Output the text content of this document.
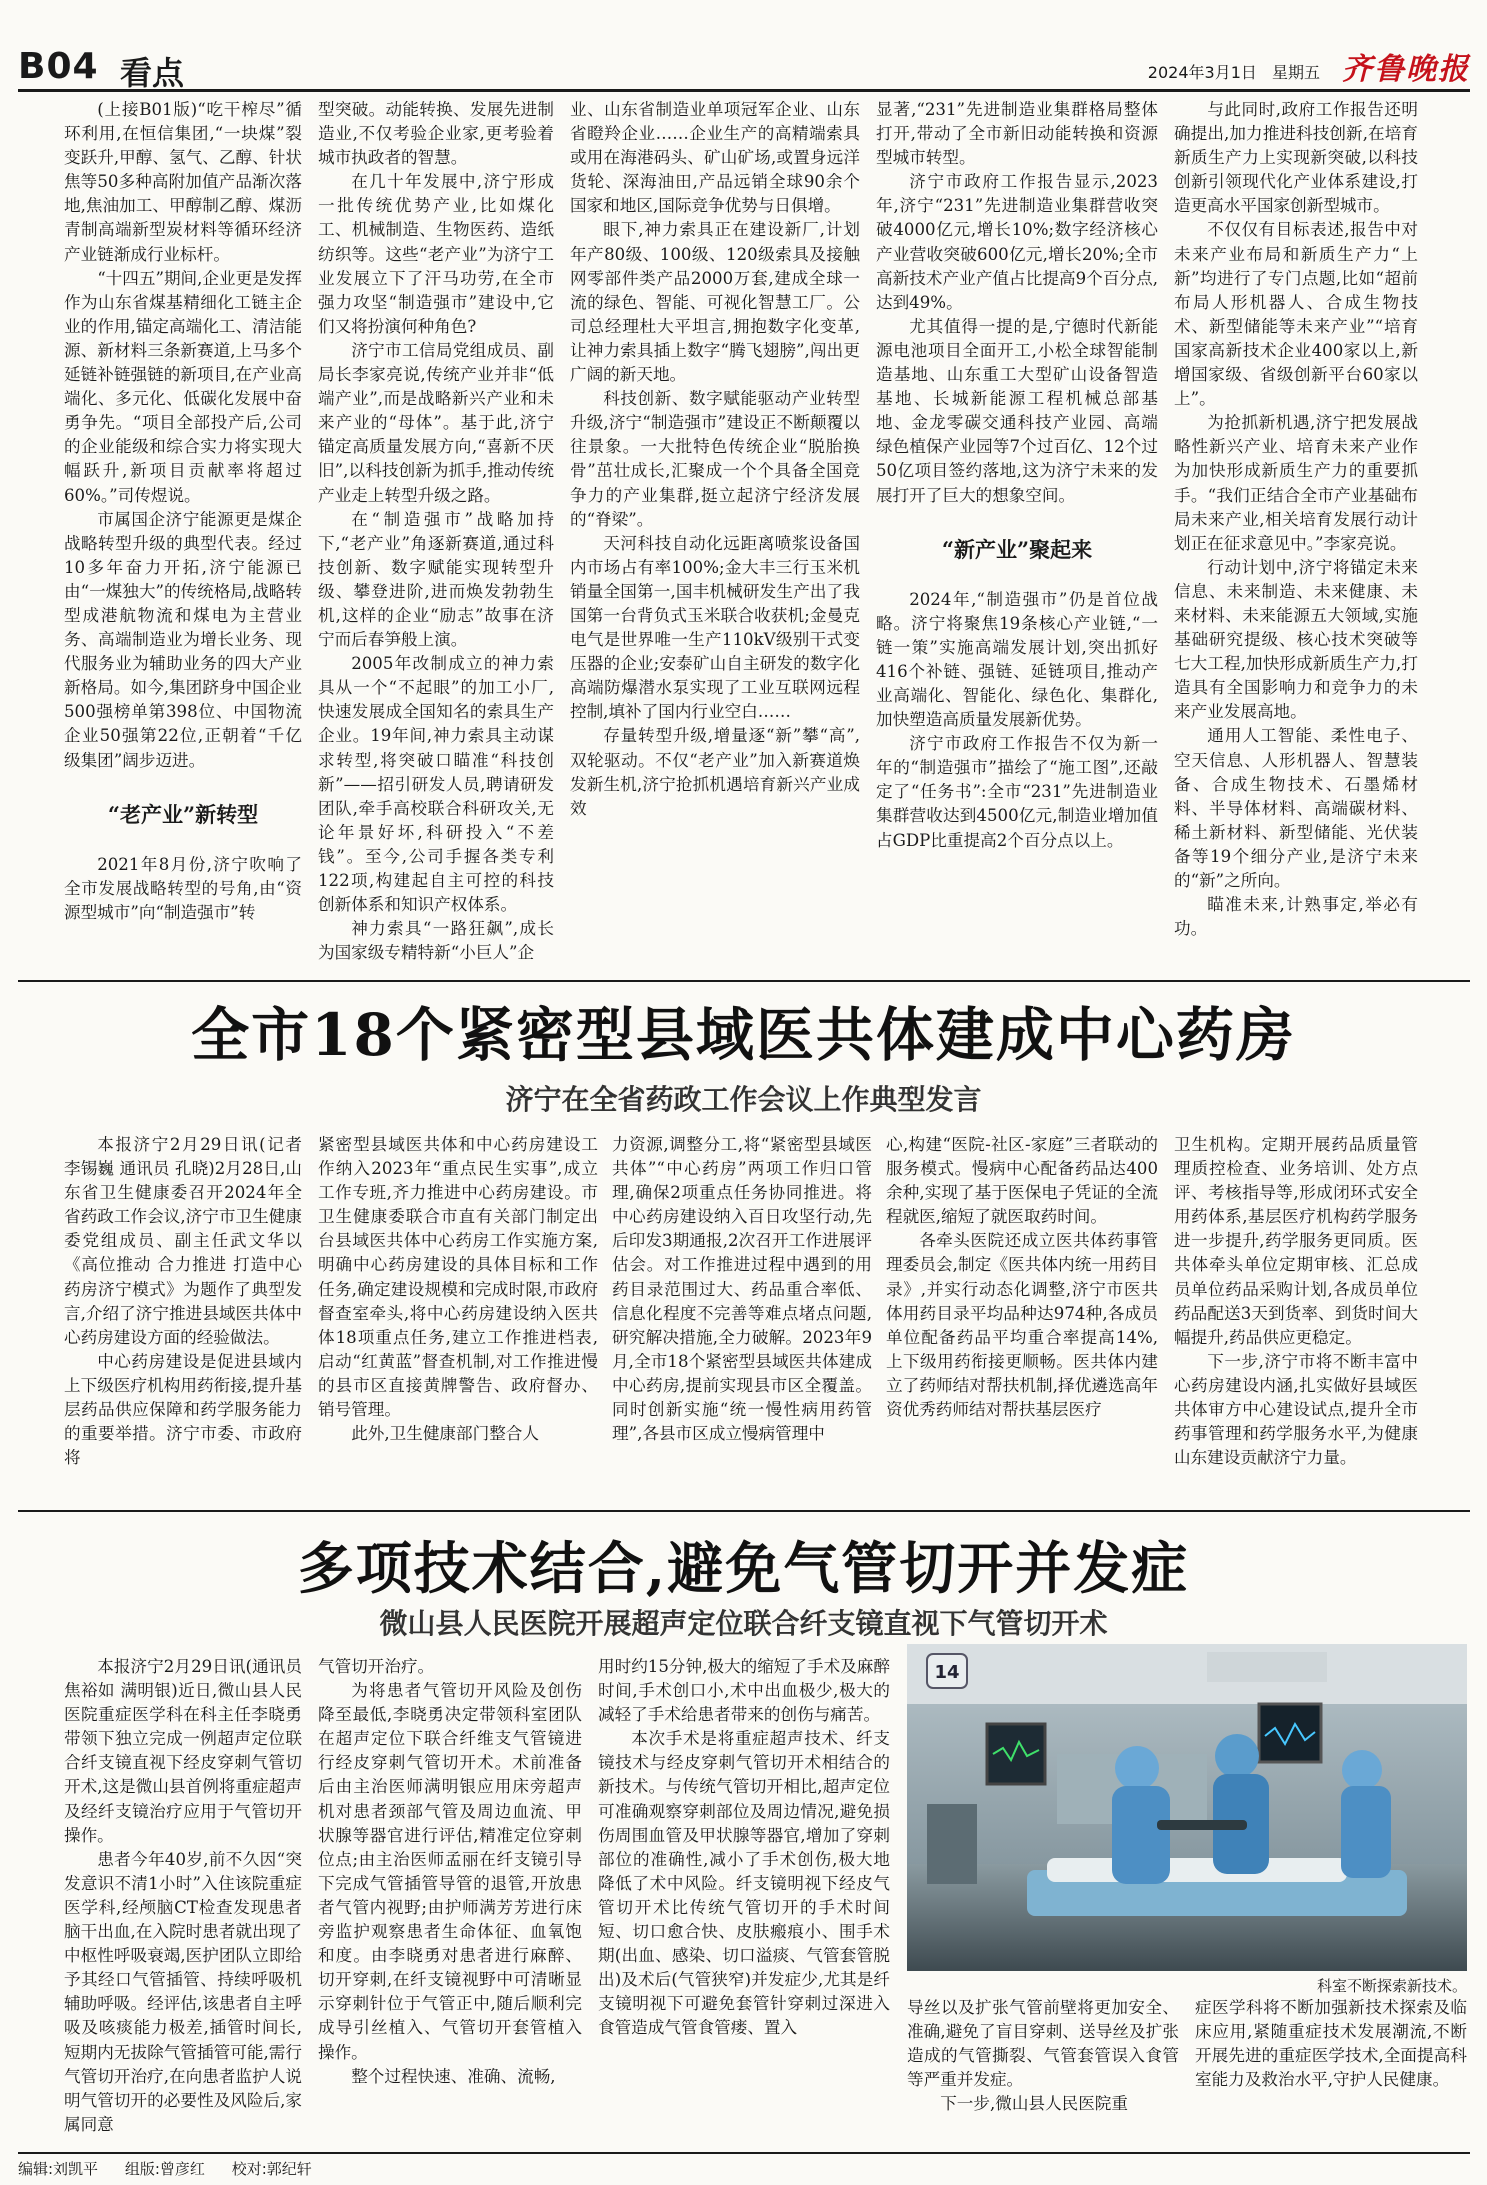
B04 看点	2024年3月1日 星期五 齐鲁晚报

(上接B01版)“吃干榨尽”循环利用,在恒信集团,“一块煤”裂变跃升,甲醇、氢气、乙醇、针状焦等50多种高附加值产品渐次落地,焦油加工、甲醇制乙醇、煤沥青制高端新型炭材料等循环经济产业链渐成行业标杆。

“十四五”期间,企业更是发挥作为山东省煤基精细化工链主企业的作用,锚定高端化工、清洁能源、新材料三条新赛道,上马多个延链补链强链的新项目,在产业高端化、多元化、低碳化发展中奋勇争先。“项目全部投产后,公司的企业能级和综合实力将实现大幅跃升,新项目贡献率将超过60%。”司传煜说。

市属国企济宁能源更是煤企战略转型升级的典型代表。经过10多年奋力开拓,济宁能源已由“一煤独大”的传统格局,战略转型成港航物流和煤电为主营业务、高端制造业为增长业务、现代服务业为辅助业务的四大产业新格局。如今,集团跻身中国企业500强榜单第398位、中国物流企业50强第22位,正朝着“千亿级集团”阔步迈进。

“老产业”新转型

2021年8月份,济宁吹响了全市发展战略转型的号角,由“资源型城市”向“制造强市”转

型突破。动能转换、发展先进制造业,不仅考验企业家,更考验着城市执政者的智慧。

在几十年发展中,济宁形成一批传统优势产业,比如煤化工、机械制造、生物医药、造纸纺织等。这些“老产业”为济宁工业发展立下了汗马功劳,在全市强力攻坚“制造强市”建设中,它们又将扮演何种角色?

济宁市工信局党组成员、副局长李家亮说,传统产业并非“低端产业”,而是战略新兴产业和未来产业的“母体”。基于此,济宁锚定高质量发展方向,“喜新不厌旧”,以科技创新为抓手,推动传统产业走上转型升级之路。

在“制造强市”战略加持下,“老产业”角逐新赛道,通过科技创新、数字赋能实现转型升级、攀登进阶,进而焕发勃勃生机,这样的企业“励志”故事在济宁而后春笋般上演。

2005年改制成立的神力索具从一个“不起眼”的加工小厂,快速发展成全国知名的索具生产企业。19年间,神力索具主动谋求转型,将突破口瞄准“科技创新”——招引研发人员,聘请研发团队,牵手高校联合科研攻关,无论年景好坏,科研投入“不差钱”。至今,公司手握各类专利122项,构建起自主可控的科技创新体系和知识产权体系。

神力索具“一路狂飙”,成长为国家级专精特新“小巨人”企

业、山东省制造业单项冠军企业、山东省瞪羚企业……企业生产的高精端索具或用在海港码头、矿山矿场,或置身远洋货轮、深海油田,产品远销全球90余个国家和地区,国际竞争优势与日俱增。

眼下,神力索具正在建设新厂,计划年产80级、100级、120级索具及接触网零部件类产品2000万套,建成全球一流的绿色、智能、可视化智慧工厂。公司总经理杜大平坦言,拥抱数字化变革,让神力索具插上数字“腾飞翅膀”,闯出更广阔的新天地。

科技创新、数字赋能驱动产业转型升级,济宁“制造强市”建设正不断颠覆以往景象。一大批特色传统企业“脱胎换骨”茁壮成长,汇聚成一个个具备全国竞争力的产业集群,挺立起济宁经济发展的“脊梁”。

天河科技自动化远距离喷浆设备国内市场占有率100%;金大丰三行玉米机销量全国第一,国丰机械研发生产出了我国第一台背负式玉米联合收获机;金曼克电气是世界唯一生产110kV级别干式变压器的企业;安泰矿山自主研发的数字化高端防爆潜水泵实现了工业互联网远程控制,填补了国内行业空白……

存量转型升级,增量逐“新”攀“高”,双轮驱动。不仅“老产业”加入新赛道焕发新生机,济宁抢抓机遇培育新兴产业成效

显著,“231”先进制造业集群格局整体打开,带动了全市新旧动能转换和资源型城市转型。

济宁市政府工作报告显示,2023年,济宁“231”先进制造业集群营收突破4000亿元,增长10%;数字经济核心产业营收突破600亿元,增长20%;全市高新技术产业产值占比提高9个百分点,达到49%。

尤其值得一提的是,宁德时代新能源电池项目全面开工,小松全球智能制造基地、山东重工大型矿山设备智造基地、长城新能源工程机械总部基地、金龙零碳交通科技产业园、高端绿色植保产业园等7个过百亿、12个过50亿项目签约落地,这为济宁未来的发展打开了巨大的想象空间。

“新产业”聚起来

2024年,“制造强市”仍是首位战略。济宁将聚焦19条核心产业链,“一链一策”实施高端发展计划,突出抓好416个补链、强链、延链项目,推动产业高端化、智能化、绿色化、集群化,加快塑造高质量发展新优势。

济宁市政府工作报告不仅为新一年的“制造强市”描绘了“施工图”,还敲定了“任务书”:全市“231”先进制造业集群营收达到4500亿元,制造业增加值占GDP比重提高2个百分点以上。

与此同时,政府工作报告还明确提出,加力推进科技创新,在培育新质生产力上实现新突破,以科技创新引领现代化产业体系建设,打造更高水平国家创新型城市。

不仅仅有目标表述,报告中对未来产业布局和新质生产力“上新”均进行了专门点题,比如“超前布局人形机器人、合成生物技术、新型储能等未来产业”“培育国家高新技术企业400家以上,新增国家级、省级创新平台60家以上”。

为抢抓新机遇,济宁把发展战略性新兴产业、培育未来产业作为加快形成新质生产力的重要抓手。“我们正结合全市产业基础布局未来产业,相关培育发展行动计划正在征求意见中。”李家亮说。

行动计划中,济宁将锚定未来信息、未来制造、未来健康、未来材料、未来能源五大领域,实施基础研究提级、核心技术突破等七大工程,加快形成新质生产力,打造具有全国影响力和竞争力的未来产业发展高地。

通用人工智能、柔性电子、空天信息、人形机器人、智慧装备、合成生物技术、石墨烯材料、半导体材料、高端碳材料、稀土新材料、新型储能、光伏装备等19个细分产业,是济宁未来的“新”之所向。

瞄准未来,计熟事定,举必有功。

全市18个紧密型县域医共体建成中心药房
济宁在全省药政工作会议上作典型发言

本报济宁2月29日讯(记者 李锡巍 通讯员 孔晓)2月28日,山东省卫生健康委召开2024年全省药政工作会议,济宁市卫生健康委党组成员、副主任武文华以《高位推动 合力推进 打造中心药房济宁模式》为题作了典型发言,介绍了济宁推进县域医共体中心药房建设方面的经验做法。

中心药房建设是促进县域内上下级医疗机构用药衔接,提升基层药品供应保障和药学服务能力的重要举措。济宁市委、市政府将

紧密型县域医共体和中心药房建设工作纳入2023年“重点民生实事”,成立工作专班,齐力推进中心药房建设。市卫生健康委联合市直有关部门制定出台县域医共体中心药房工作实施方案,明确中心药房建设的具体目标和工作任务,确定建设规模和完成时限,市政府督查室牵头,将中心药房建设纳入医共体18项重点任务,建立工作推进档表,启动“红黄蓝”督查机制,对工作推进慢的县市区直接黄牌警告、政府督办、销号管理。

此外,卫生健康部门整合人

力资源,调整分工,将“紧密型县域医共体”“中心药房”两项工作归口管理,确保2项重点任务协同推进。将中心药房建设纳入百日攻坚行动,先后印发3期通报,2次召开工作进展评估会。对工作推进过程中遇到的用药目录范围过大、药品重合率低、信息化程度不完善等难点堵点问题,研究解决措施,全力破解。2023年9月,全市18个紧密型县域医共体建成中心药房,提前实现县市区全覆盖。同时创新实施“统一慢性病用药管理”,各县市区成立慢病管理中

心,构建“医院-社区-家庭”三者联动的服务模式。慢病中心配备药品达400余种,实现了基于医保电子凭证的全流程就医,缩短了就医取药时间。

各牵头医院还成立医共体药事管理委员会,制定《医共体内统一用药目录》,并实行动态化调整,济宁市医共体用药目录平均品种达974种,各成员单位配备药品平均重合率提高14%,上下级用药衔接更顺畅。医共体内建立了药师结对帮扶机制,择优遴选高年资优秀药师结对帮扶基层医疗

卫生机构。定期开展药品质量管理质控检查、业务培训、处方点评、考核指导等,形成闭环式安全用药体系,基层医疗机构药学服务进一步提升,药学服务更同质。医共体牵头单位定期审核、汇总成员单位药品采购计划,各成员单位药品配送3天到货率、到货时间大幅提升,药品供应更稳定。

下一步,济宁市将不断丰富中心药房建设内涵,扎实做好县域医共体审方中心建设试点,提升全市药事管理和药学服务水平,为健康山东建设贡献济宁力量。

多项技术结合,避免气管切开并发症
微山县人民医院开展超声定位联合纤支镜直视下气管切开术

本报济宁2月29日讯(通讯员 焦裕如 满明银)近日,微山县人民医院重症医学科在科主任李晓勇带领下独立完成一例超声定位联合纤支镜直视下经皮穿刺气管切开术,这是微山县首例将重症超声及经纤支镜治疗应用于气管切开操作。

患者今年40岁,前不久因“突发意识不清1小时”入住该院重症医学科,经颅脑CT检查发现患者脑干出血,在入院时患者就出现了中枢性呼吸衰竭,医护团队立即给予其经口气管插管、持续呼吸机辅助呼吸。经评估,该患者自主呼吸及咳痰能力极差,插管时间长,短期内无拔除气管插管可能,需行气管切开治疗,在向患者监护人说明气管切开的必要性及风险后,家属同意

气管切开治疗。

为将患者气管切开风险及创伤降至最低,李晓勇决定带领科室团队在超声定位下联合纤维支气管镜进行经皮穿刺气管切开术。术前准备后由主治医师满明银应用床旁超声机对患者颈部气管及周边血流、甲状腺等器官进行评估,精准定位穿刺位点;由主治医师孟丽在纤支镜引导下完成气管插管导管的退管,开放患者气管内视野;由护师满芳芳进行床旁监护观察患者生命体征、血氧饱和度。由李晓勇对患者进行麻醉、切开穿刺,在纤支镜视野中可清晰显示穿刺针位于气管正中,随后顺利完成导引丝植入、气管切开套管植入操作。

整个过程快速、准确、流畅,

用时约15分钟,极大的缩短了手术及麻醉时间,手术创口小,术中出血极少,极大的减轻了手术给患者带来的创伤与痛苦。

本次手术是将重症超声技术、纤支镜技术与经皮穿刺气管切开术相结合的新技术。与传统气管切开相比,超声定位可准确观察穿刺部位及周边情况,避免损伤周围血管及甲状腺等器官,增加了穿刺部位的准确性,减小了手术创伤,极大地降低了术中风险。纤支镜明视下经皮气管切开术比传统气管切开的手术时间短、切口愈合快、皮肤瘢痕小、围手术期(出血、感染、切口溢痰、气管套管脱出)及术后(气管狭窄)并发症少,尤其是纤支镜明视下可避免套管针穿刺过深进入食管造成气管食管瘘、置入

14
科室不断探索新技术。

导丝以及扩张气管前壁将更加安全、准确,避免了盲目穿刺、送导丝及扩张造成的气管撕裂、气管套管误入食管等严重并发症。

下一步,微山县人民医院重

症医学科将不断加强新技术探索及临床应用,紧随重症技术发展潮流,不断开展先进的重症医学技术,全面提高科室能力及救治水平,守护人民健康。

编辑:刘凯平 组版:曾彦红 校对:郭纪轩
